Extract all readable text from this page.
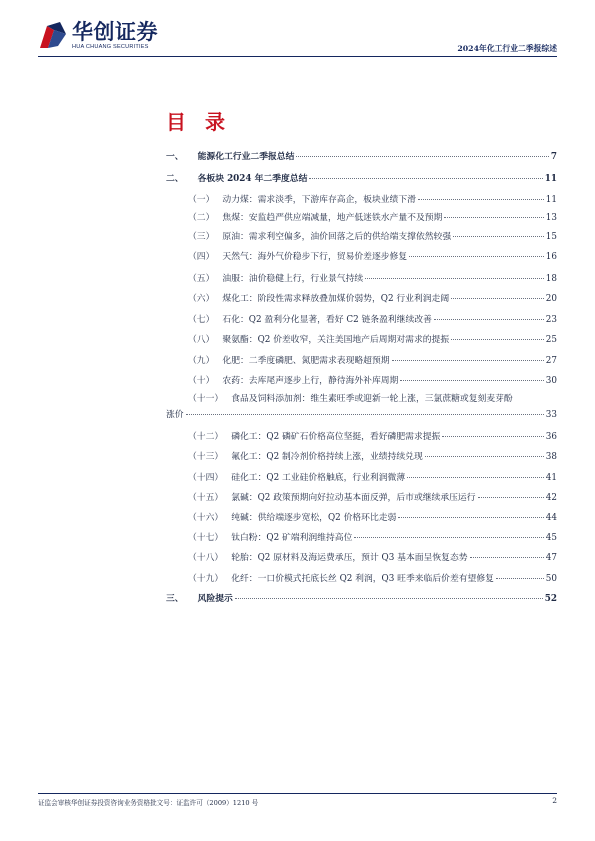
华创证券
HUA CHUANG SECURITIES	2024年化工行业二季报综述
目 录
一、 能源化工行业二季报总结	7
二、 各板块 2024 年二季度总结	11
（一） 动力煤：需求淡季，下游库存高企，板块业绩下滑	11
（二） 焦煤：安监趋严供应端减量，地产低迷铁水产量不及预期	13
（三） 原油：需求利空偏多，油价回落之后的供给端支撑依然较强	15
（四） 天然气：海外气价稳步下行，贸易价差逐步修复	16
（五） 油服：油价稳健上行，行业景气持续	18
（六） 煤化工：阶段性需求释放叠加煤价弱势，Q2 行业利润走阔	20
（七） 石化：Q2 盈利分化显著，看好 C2 链条盈利继续改善	23
（八） 聚氨酯：Q2 价差收窄，关注美国地产后周期对需求的提振	25
（九） 化肥：二季度磷肥、氮肥需求表现略超预期	27
（十） 农药：去库尾声逐步上行，静待海外补库周期	30
（十一） 食品及饲料添加剂：维生素旺季或迎新一轮上涨，三氯蔗糖或复刻麦芽酚
涨价	33
（十二） 磷化工：Q2 磷矿石价格高位坚挺，看好磷肥需求提振	36
（十三） 氟化工：Q2 制冷剂价格持续上涨，业绩持续兑现	38
（十四） 硅化工：Q2 工业硅价格触底，行业利润微薄	41
（十五） 氯碱：Q2 政策预期向好拉动基本面反弹，后市或继续承压运行	42
（十六） 纯碱：供给端逐步宽松，Q2 价格环比走弱	44
（十七） 钛白粉：Q2 矿端利润维持高位	45
（十八） 轮胎：Q2 原材料及海运费承压，预计 Q3 基本面呈恢复态势	47
（十九） 化纤：一口价模式托底长丝 Q2 利润，Q3 旺季来临后价差有望修复	50
三、 风险提示	52
证监会审核华创证券投资咨询业务资格批文号：证监许可（2009）1210 号	2
